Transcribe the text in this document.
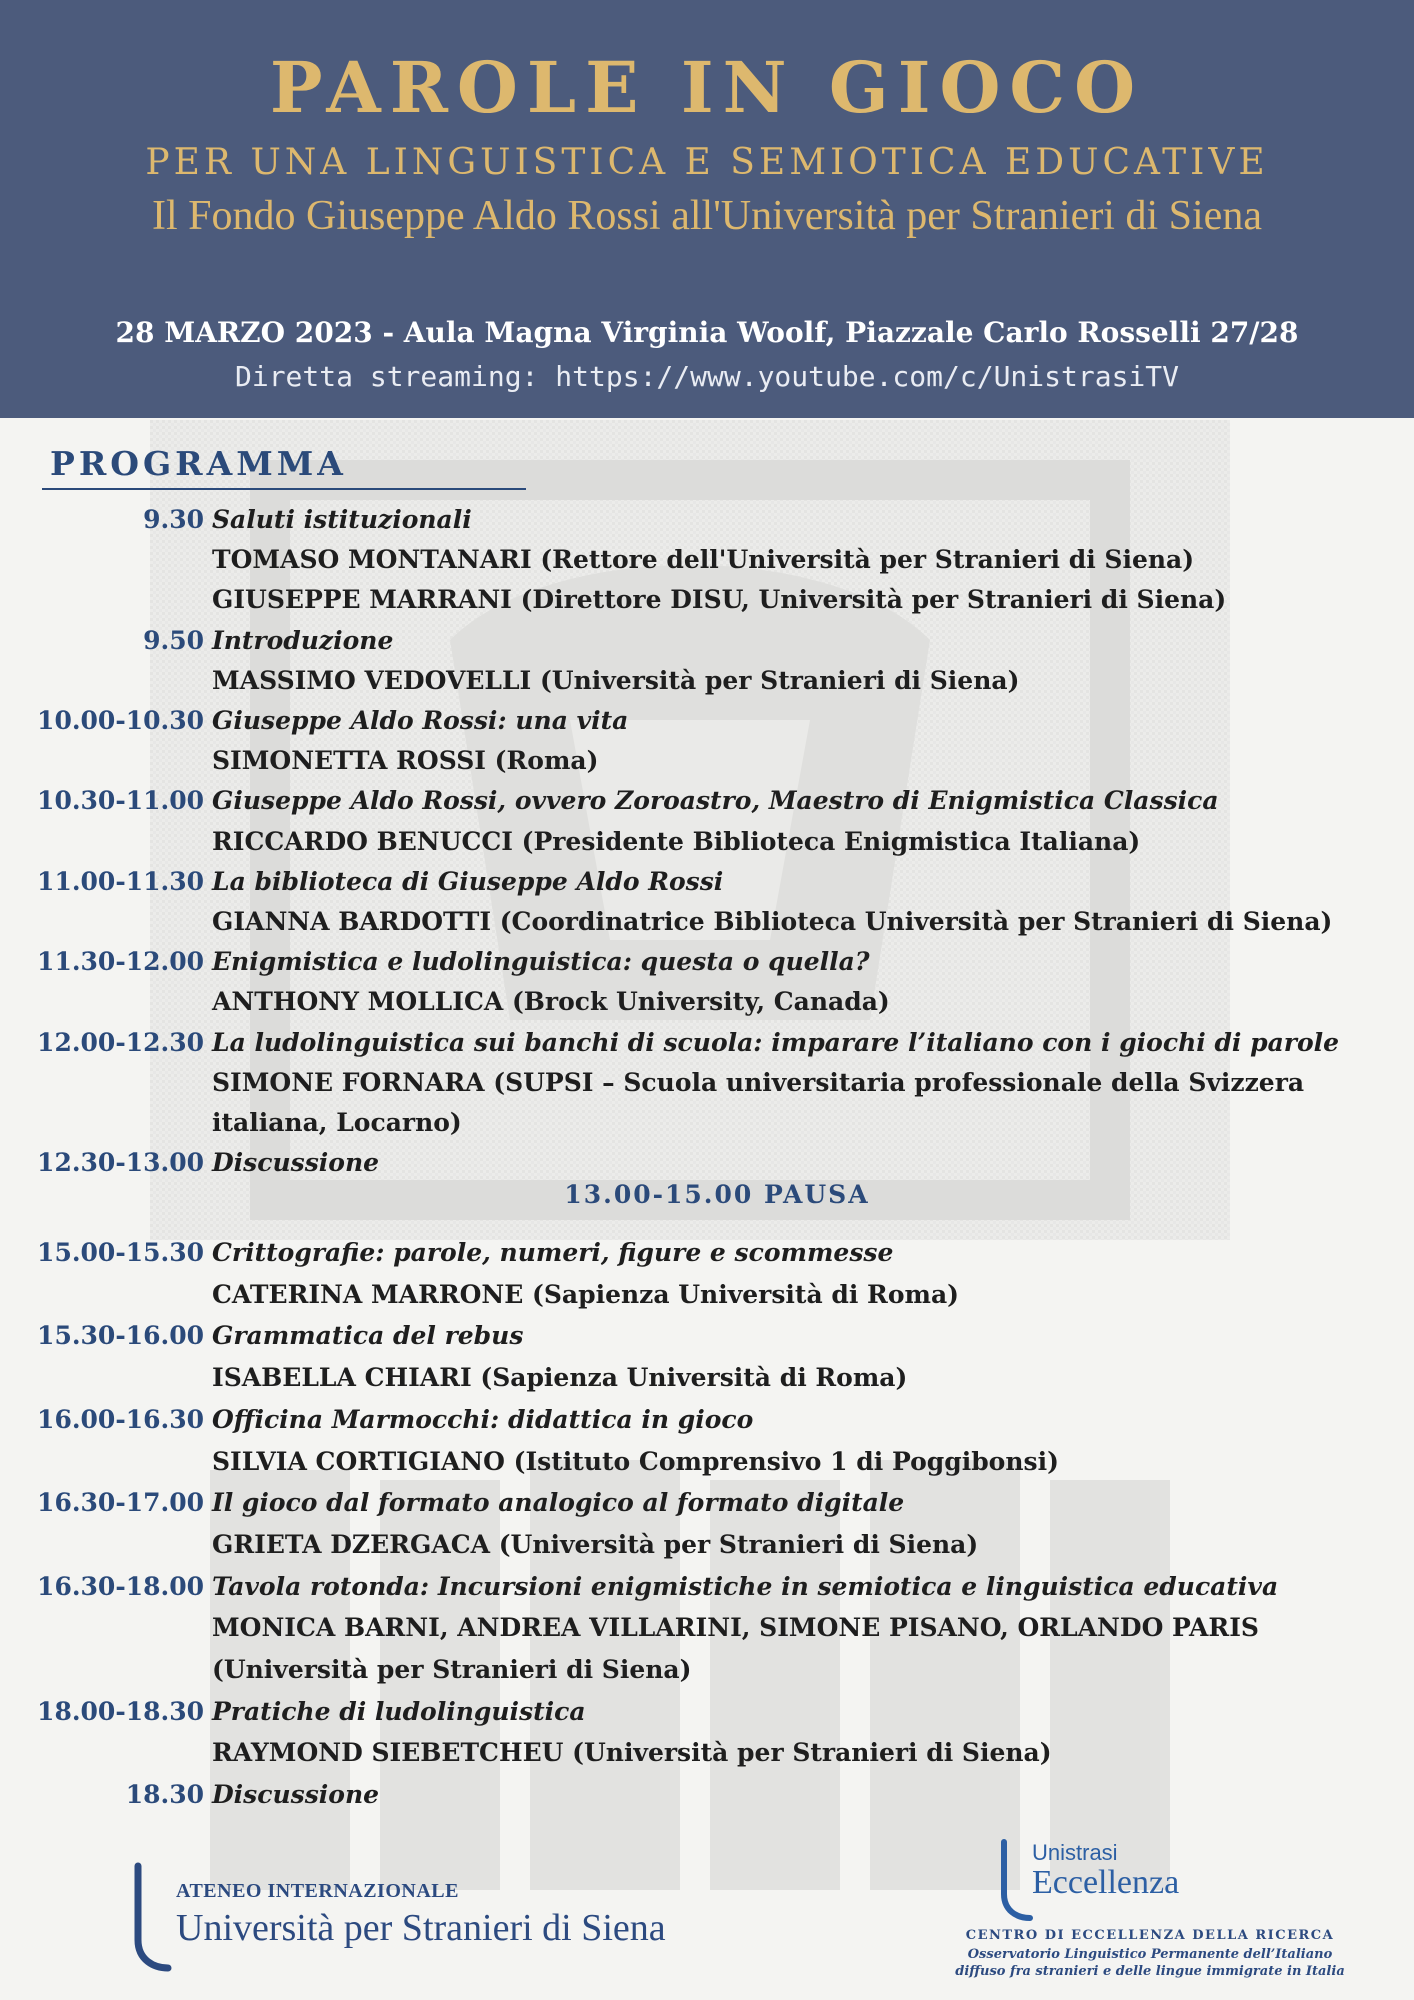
PAROLE IN GIOCO
PER UNA LINGUISTICA E SEMIOTICA EDUCATIVE
Il Fondo Giuseppe Aldo Rossi all'Università per Stranieri di Siena
28 MARZO 2023 - Aula Magna Virginia Woolf, Piazzale Carlo Rosselli 27/28
Diretta streaming: https://www.youtube.com/c/UnistrasiTV
PROGRAMMA
9.30 Saluti istituzionali
TOMASO MONTANARI (Rettore dell'Università per Stranieri di Siena)
GIUSEPPE MARRANI (Direttore DISU, Università per Stranieri di Siena)
9.50 Introduzione
MASSIMO VEDOVELLI (Università per Stranieri di Siena)
10.00-10.30 Giuseppe Aldo Rossi: una vita
SIMONETTA ROSSI (Roma)
10.30-11.00 Giuseppe Aldo Rossi, ovvero Zoroastro, Maestro di Enigmistica Classica
RICCARDO BENUCCI (Presidente Biblioteca Enigmistica Italiana)
11.00-11.30 La biblioteca di Giuseppe Aldo Rossi
GIANNA BARDOTTI (Coordinatrice Biblioteca Università per Stranieri di Siena)
11.30-12.00 Enigmistica e ludolinguistica: questa o quella?
ANTHONY MOLLICA (Brock University, Canada)
12.00-12.30 La ludolinguistica sui banchi di scuola: imparare l’italiano con i giochi di parole
SIMONE FORNARA (SUPSI – Scuola universitaria professionale della Svizzera
italiana, Locarno)
12.30-13.00 Discussione
13.00-15.00 PAUSA
15.00-15.30 Crittografie: parole, numeri, figure e scommesse
CATERINA MARRONE (Sapienza Università di Roma)
15.30-16.00 Grammatica del rebus
ISABELLA CHIARI (Sapienza Università di Roma)
16.00-16.30 Officina Marmocchi: didattica in gioco
SILVIA CORTIGIANO (Istituto Comprensivo 1 di Poggibonsi)
16.30-17.00 Il gioco dal formato analogico al formato digitale
GRIETA DZERGACA (Università per Stranieri di Siena)
16.30-18.00 Tavola rotonda: Incursioni enigmistiche in semiotica e linguistica educativa
MONICA BARNI, ANDREA VILLARINI, SIMONE PISANO, ORLANDO PARIS
(Università per Stranieri di Siena)
18.00-18.30 Pratiche di ludolinguistica
RAYMOND SIEBETCHEU (Università per Stranieri di Siena)
18.30 Discussione
ATENEO INTERNAZIONALE
Università per Stranieri di Siena
Unistrasi
Eccellenza
CENTRO DI ECCELLENZA DELLA RICERCA
Osservatorio Linguistico Permanente dell’Italiano
diffuso fra stranieri e delle lingue immigrate in Italia
